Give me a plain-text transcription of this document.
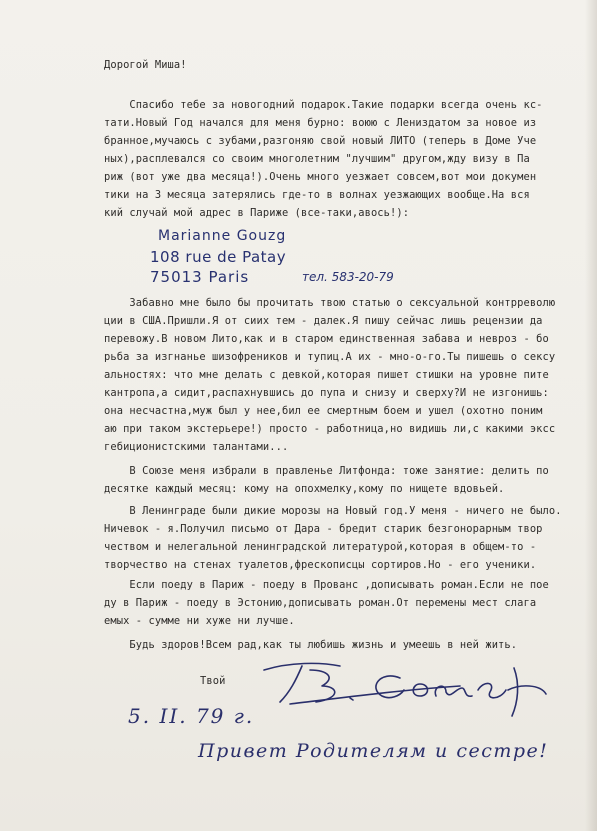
Дорогой Миша!
Спасибо тебе за новогодний подарок.Такие подарки всегда очень кс-
тати.Новый Год начался для меня бурно: воюю с Лениздатом за новое из
бранное,мучаюсь с зубами,разгоняю свой новый ЛИТО (теперь в Доме Уче
ных),расплевался со своим многолетним "лучшим" другом,жду визу в Па
риж (вот уже два месяца!).Очень много уезжает совсем,вот мои докумен
тики на 3 месяца затерялись где-то в волнах уезжающих вообще.На вся
кий случай мой адрес в Париже (все-таки,авось!):
Marianne Gouzg
108 rue de Patay
75013 Paris	тел. 583-20-79
Забавно мне было бы прочитать твою статью о сексуальной контрреволю
ции в США.Пришли.Я от сиих тем - далек.Я пишу сейчас лишь рецензии да
перевожу.В новом Лито,как и в старом единственная забава и невроз - бо
рьба за изгнанье шизофреников и тупиц.А их - мно-о-го.Ты пишешь о сексу
альностях: что мне делать с девкой,которая пишет стишки на уровне пите
кантропа,а сидит,распахнувшись до пупа и снизу и сверху?И не изгонишь:
она несчастна,муж был у нее,бил ее смертным боем и ушел (охотно поним
аю при таком экстерьере!) просто - работница,но видишь ли,с какими эксс
гебиционистскими талантами...
В Союзе меня избрали в правленье Литфонда: тоже занятие: делить по
десятке каждый месяц: кому на опохмелку,кому по нищете вдовьей.
В Ленинграде были дикие морозы на Новый год.У меня - ничего не было.
Ничевок - я.Получил письмо от Дара - бредит старик безгонорарным твор
чеством и нелегальной ленинградской литературой,которая в общем-то -
творчество на стенах туалетов,фрескописцы сортиров.Но - его ученики.
Если поеду в Париж - поеду в Прованс ,дописывать роман.Если не пое
ду в Париж - поеду в Эстонию,дописывать роман.От перемены мест слага
емых - сумме ни хуже ни лучше.
Будь здоров!Всем рад,как ты любишь жизнь и умеешь в ней жить.
Твой
5. II. 79 г.
Привет Родителям и сестре!
